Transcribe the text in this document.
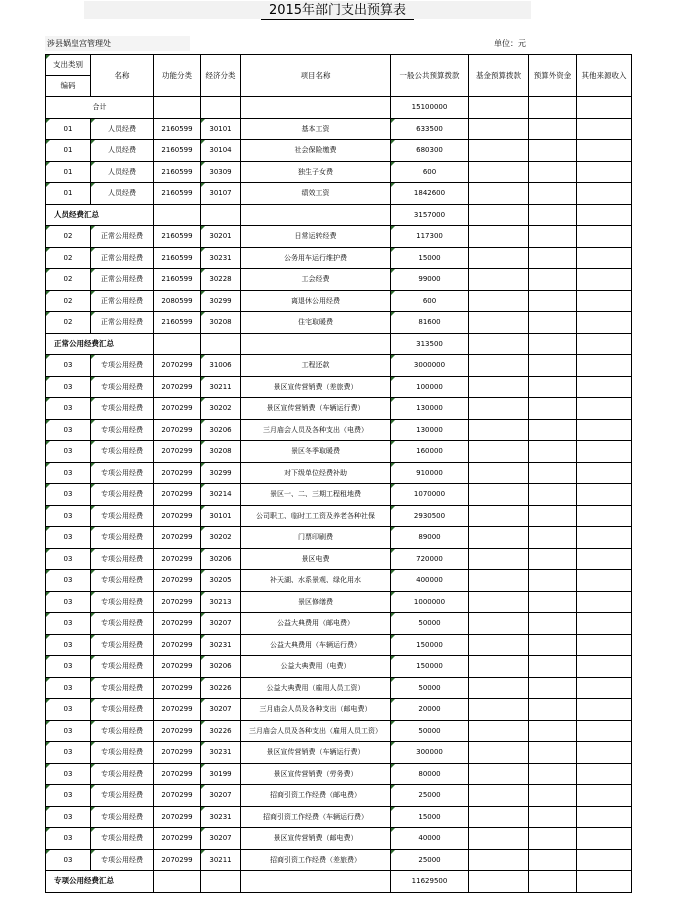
2015年部门支出预算表
涉县娲皇宫管理处	单位：元
支出类别	名称	功能分类	经济分类	项目名称	一般公共预算拨款	基金预算拨款	预算外资金	其他来源收入
编码								
合计					15100000			
01	人员经费	2160599	30101	基本工资	633500			
01	人员经费	2160599	30104	社会保险缴费	680300			
01	人员经费	2160599	30309	独生子女费	600			
01	人员经费	2160599	30107	绩效工资	1842600			
人员经费汇总					3157000			
02	正常公用经费	2160599	30201	日常运转经费	117300			
02	正常公用经费	2160599	30231	公务用车运行维护费	15000			
02	正常公用经费	2160599	30228	工会经费	99000			
02	正常公用经费	2080599	30299	离退休公用经费	600			
02	正常公用经费	2160599	30208	住宅取暖费	81600			
正常公用经费汇总					313500			
03	专项公用经费	2070299	31006	工程还款	3000000			
03	专项公用经费	2070299	30211	景区宣传营销费（差旅费）	100000			
03	专项公用经费	2070299	30202	景区宣传营销费（车辆运行费）	130000			
03	专项公用经费	2070299	30206	三月庙会人员及各种支出（电费）	130000			
03	专项公用经费	2070299	30208	景区冬季取暖费	160000			
03	专项公用经费	2070299	30299	对下级单位经费补助	910000			
03	专项公用经费	2070299	30214	景区一、二、三期工程租地费	1070000			
03	专项公用经费	2070299	30101	公司职工、临时工工资及养老各种社保	2930500			
03	专项公用经费	2070299	30202	门票印刷费	89000			
03	专项公用经费	2070299	30206	景区电费	720000			
03	专项公用经费	2070299	30205	补天湖、水系景观、绿化用水	400000			
03	专项公用经费	2070299	30213	景区修缮费	1000000			
03	专项公用经费	2070299	30207	公益大典费用（邮电费）	50000			
03	专项公用经费	2070299	30231	公益大典费用（车辆运行费）	150000			
03	专项公用经费	2070299	30206	公益大典费用（电费）	150000			
03	专项公用经费	2070299	30226	公益大典费用（雇用人员工资）	50000			
03	专项公用经费	2070299	30207	三月庙会人员及各种支出（邮电费）	20000			
03	专项公用经费	2070299	30226	三月庙会人员及各种支出（雇用人员工资）	50000			
03	专项公用经费	2070299	30231	景区宣传营销费（车辆运行费）	300000			
03	专项公用经费	2070299	30199	景区宣传营销费（劳务费）	80000			
03	专项公用经费	2070299	30207	招商引资工作经费（邮电费）	25000			
03	专项公用经费	2070299	30231	招商引资工作经费（车辆运行费）	15000			
03	专项公用经费	2070299	30207	景区宣传营销费（邮电费）	40000			
03	专项公用经费	2070299	30211	招商引资工作经费（差旅费）	25000			
专项公用经费汇总					11629500			
